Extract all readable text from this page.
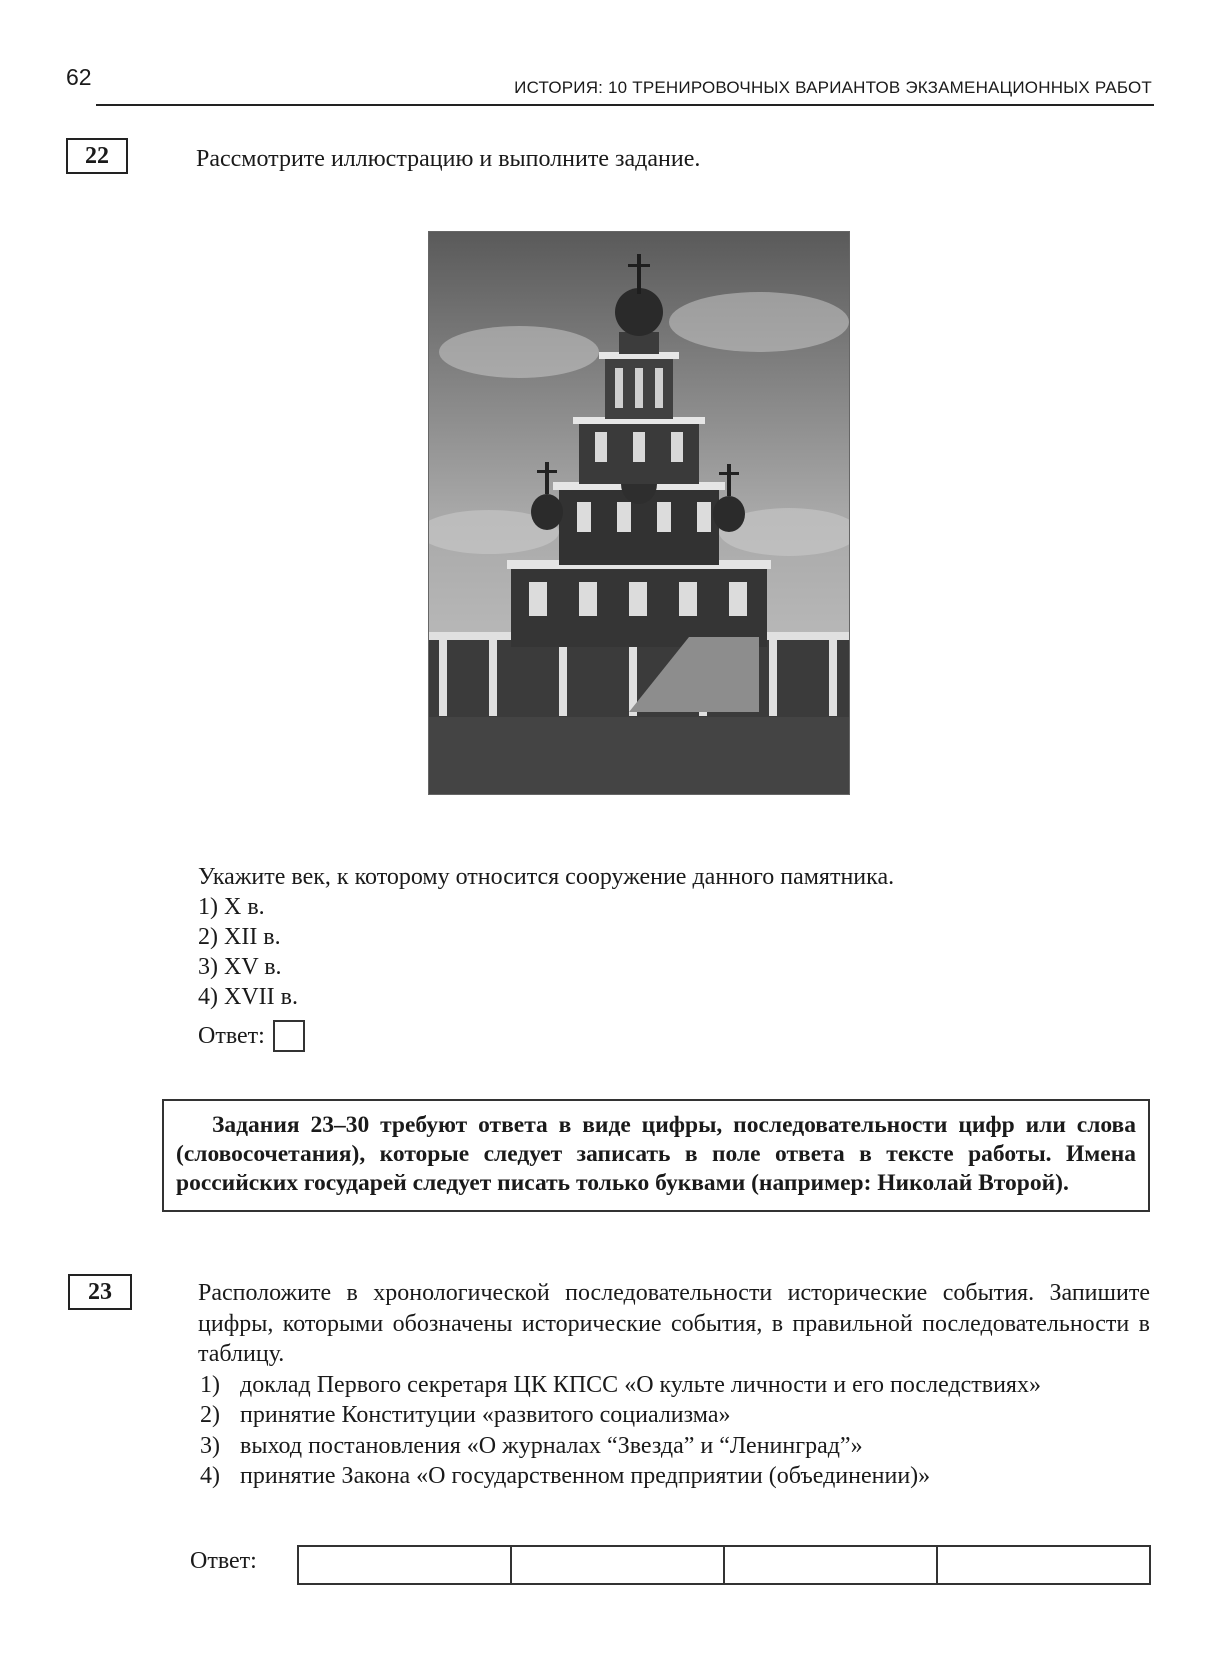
62	ИСТОРИЯ: 10 ТРЕНИРОВОЧНЫХ ВАРИАНТОВ ЭКЗАМЕНАЦИОННЫХ РАБОТ
22	Рассмотрите иллюстрацию и выполните задание.
Укажите век, к которому относится сооружение данного памятника.
1) X в.
2) XII в.
3) XV в.
4) XVII в.
Ответ:
Задания 23–30 требуют ответа в виде цифры, последовательности цифр или слова (словосочетания), которые следует записать в поле ответа в тексте работы. Имена российских государей следует писать только буквами (например: Николай Второй).
23	Расположите в хронологической последовательности исторические события. Запишите цифры, которыми обозначены исторические события, в правильной последовательности в таблицу.

1) доклад Первого секретаря ЦК КПСС «О культе личности и его последствиях»
2) принятие Конституции «развитого социализма»
3) выход постановления «О журналах “Звезда” и “Ленинград”»
4) принятие Закона «О государственном предприятии (объединении)»
Ответ:
